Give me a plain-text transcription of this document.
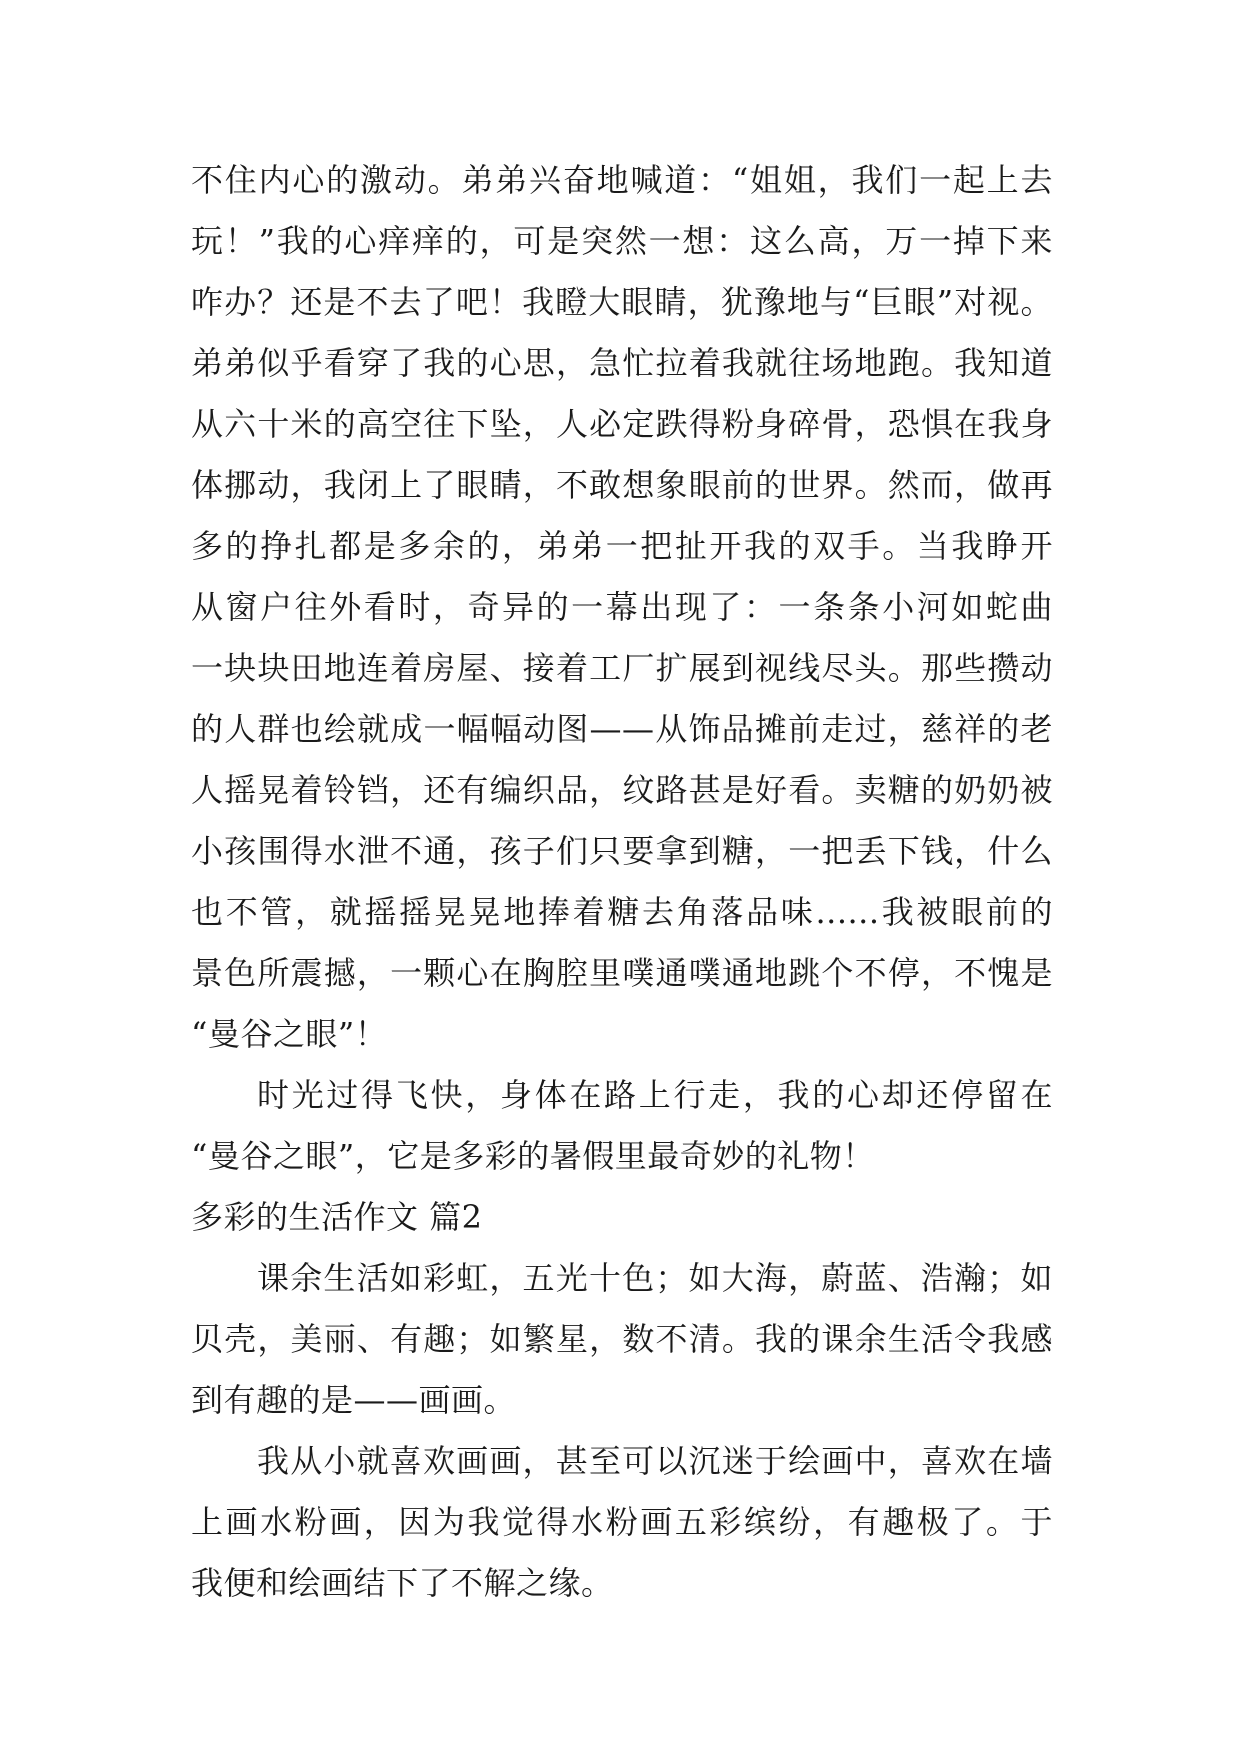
不住内心的激动。弟弟兴奋地喊道：“姐姐，我们一起上去
玩！”我的心痒痒的，可是突然一想：这么高，万一掉下来
咋办？还是不去了吧！我瞪大眼睛，犹豫地与“巨眼”对视。
弟弟似乎看穿了我的心思，急忙拉着我就往场地跑。我知道
从六十米的高空往下坠，人必定跌得粉身碎骨，恐惧在我身
体挪动，我闭上了眼睛，不敢想象眼前的世界。然而，做再
多的挣扎都是多余的，弟弟一把扯开我的双手。当我睁开
从窗户往外看时，奇异的一幕出现了：一条条小河如蛇曲
一块块田地连着房屋、接着工厂扩展到视线尽头。那些攒动
的人群也绘就成一幅幅动图——从饰品摊前走过，慈祥的老
人摇晃着铃铛，还有编织品，纹路甚是好看。卖糖的奶奶被
小孩围得水泄不通，孩子们只要拿到糖，一把丢下钱，什么
也不管，就摇摇晃晃地捧着糖去角落品味......我被眼前的
景色所震撼，一颗心在胸腔里噗通噗通地跳个不停，不愧是
“曼谷之眼”！
时光过得飞快，身体在路上行走，我的心却还停留在
“曼谷之眼”，它是多彩的暑假里最奇妙的礼物！
多彩的生活作文 篇2
课余生活如彩虹，五光十色；如大海，蔚蓝、浩瀚；如
贝壳，美丽、有趣；如繁星，数不清。我的课余生活令我感
到有趣的是——画画。
我从小就喜欢画画，甚至可以沉迷于绘画中，喜欢在墙
上画水粉画，因为我觉得水粉画五彩缤纷，有趣极了。于
我便和绘画结下了不解之缘。
